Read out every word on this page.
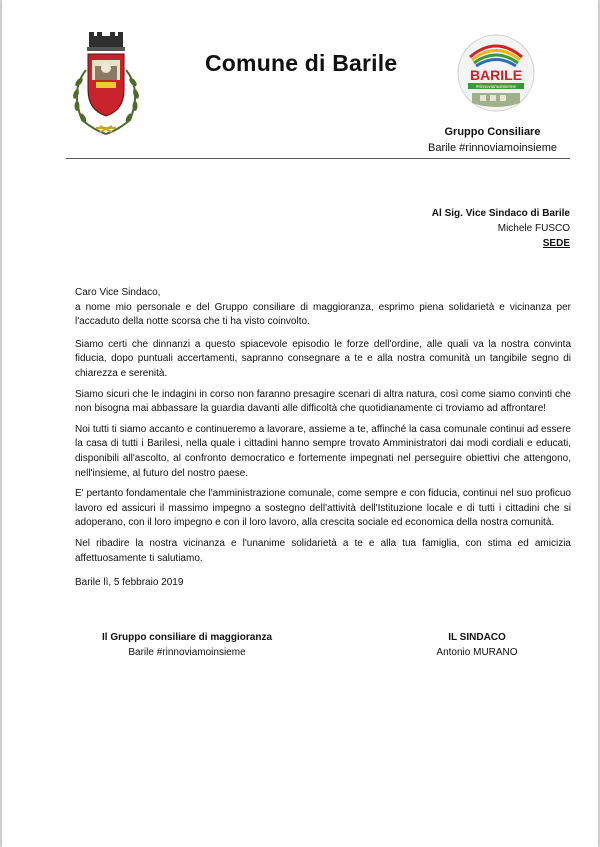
Comune di Barile	BARILE
#rinnoviamoinsieme
Gruppo Consiliare
Barile #rinnoviamoinsieme
Al Sig. Vice Sindaco di Barile
Michele FUSCO
SEDE

Caro Vice Sindaco,

a nome mio personale e del Gruppo consiliare di maggioranza, esprimo piena solidarietà e vicinanza per l'accaduto della notte scorsa che ti ha visto coinvolto.

Siamo certi che dinnanzi a questo spiacevole episodio le forze dell'ordine, alle quali va la nostra convinta fiducia, dopo puntuali accertamenti, sapranno consegnare a te e alla nostra comunità un tangibile segno di chiarezza e serenità.

Siamo sicuri che le indagini in corso non faranno presagire scenari di altra natura, così come siamo convinti che non bisogna mai abbassare la guardia davanti alle difficoltà che quotidianamente ci troviamo ad affrontare!

Noi tutti ti siamo accanto e continueremo a lavorare, assieme a te, affinché la casa comunale continui ad essere la casa di tutti i Barilesi, nella quale i cittadini hanno sempre trovato Amministratori dai modi cordiali e educati, disponibili all'ascolto, al confronto democratico e fortemente impegnati nel perseguire obiettivi che attengono, nell'insieme, al futuro del nostro paese.

E' pertanto fondamentale che l'amministrazione comunale, come sempre e con fiducia, continui nel suo proficuo lavoro ed assicuri il massimo impegno a sostegno dell'attività dell'Istituzione locale e di tutti i cittadini che si adoperano, con il loro impegno e con il loro lavoro, alla crescita sociale ed economica della nostra comunità.

Nel ribadire la nostra vicinanza e l'unanime solidarietà a te e alla tua famiglia, con stima ed amicizia affettuosamente ti salutiamo.

Barile lì, 5 febbraio 2019
Il Gruppo consiliare di maggioranza
Barile #rinnoviamoinsieme
IL SINDACO
Antonio MURANO
